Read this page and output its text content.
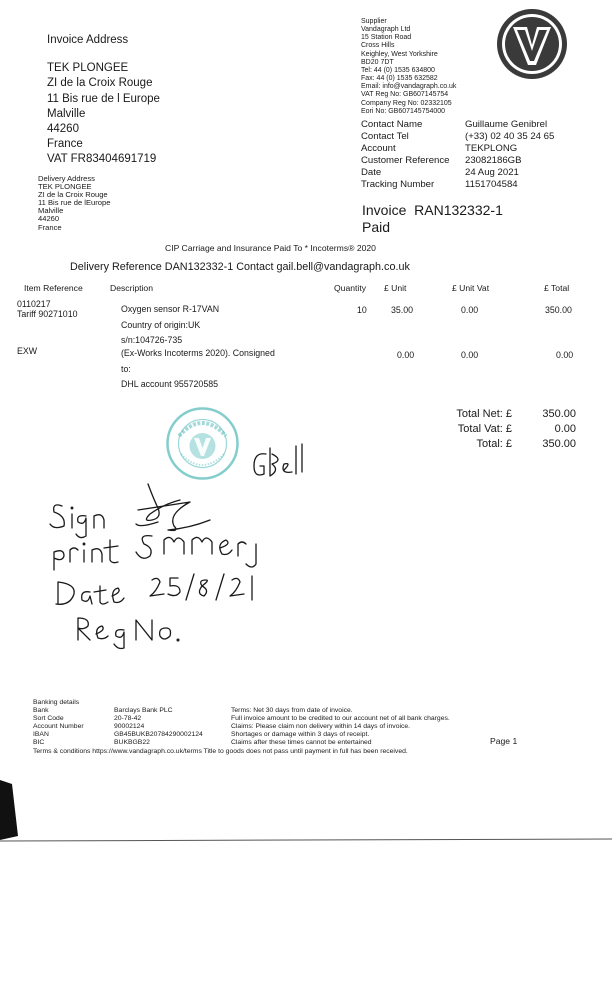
Invoice Address
TEK PLONGEE
ZI de la Croix Rouge
11 Bis rue de l Europe
Malville
44260
France
VAT FR83404691719
Supplier
Vandagraph Ltd
15 Station Road
Cross Hills
Keighley, West Yorkshire
BD20 7DT
Tel: 44 (0) 1535 634800
Fax: 44 (0) 1535 632582
Email: info@vandagraph.co.uk
VAT Reg No: GB607145754
Company Reg No: 02332105
Eori No: GB607145754000
Contact Name	Guillaume Genibrel
Contact Tel	(+33) 02 40 35 24 65
Account	TEKPLONG
Customer Reference 23082186GB
Date	24 Aug 2021
Tracking Number	1151704584
Delivery Address
TEK PLONGEE
ZI de la Croix Rouge
11 Bis rue de lEurope
Malville
44260
France
Invoice RAN132332-1
Paid
CIP Carriage and Insurance Paid To * Incoterms® 2020
Delivery Reference DAN132332-1 Contact gail.bell@vandagraph.co.uk
Item Reference	Description	Quantity £ Unit	£ Unit Vat	£ Total
0110217
Tariff 90271010	Oxygen sensor R-17VAN
Country of origin:UK
s/n:104726-735
10	35.00	0.00	350.00
EXW	(Ex-Works Incoterms 2020). Consigned
to:
DHL account 955720585
0.00	0.00	0.00
Total Net: £	350.00
Total Vat: £	0.00
Total: £	350.00
Banking details
Bank	Barclays Bank PLC
Sort Code	20-78-42
Account Number	90002124
IBAN	GB45BUKB20784290002124
BIC	BUKBGB22
Terms: Net 30 days from date of invoice.
Full invoice amount to be credited to our account net of all bank charges.
Claims: Please claim non delivery within 14 days of invoice.
Shortages or damage within 3 days of receipt.
Claims after these times cannot be entertained
Terms & conditions https://www.vandagraph.co.uk/terms Title to goods does not pass until payment in full has been received.
Page 1
